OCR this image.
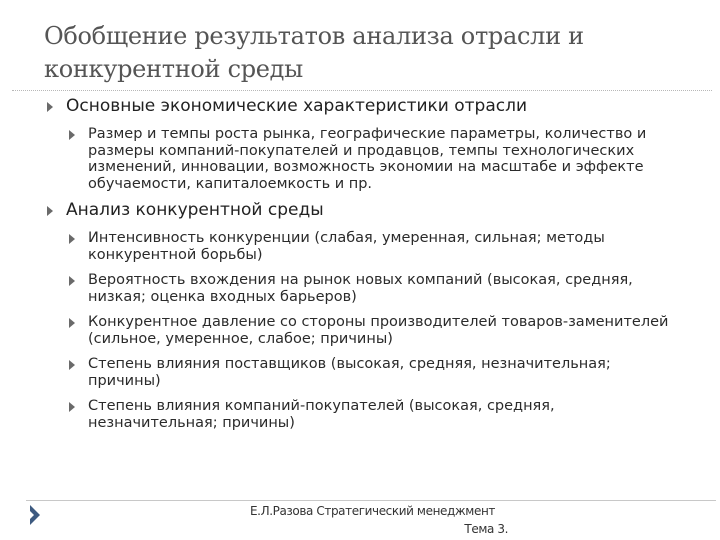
Обобщение результатов анализа отрасли и конкурентной среды
Основные экономические характеристики отрасли
Размер и темпы роста рынка, географические параметры, количество и размеры компаний-покупателей и продавцов, темпы технологических изменений, инновации, возможность экономии на масштабе и эффекте обучаемости, капиталоемкость и пр.
Анализ конкурентной среды
Интенсивность конкуренции (слабая, умеренная, сильная; методы конкурентной борьбы)
Вероятность вхождения на рынок новых компаний (высокая, средняя, низкая; оценка входных барьеров)
Конкурентное давление со стороны производителей товаров-заменителей (сильное, умеренное, слабое; причины)
Степень влияния поставщиков (высокая, средняя, незначительная; причины)
Степень влияния компаний-покупателей (высокая, средняя, незначительная; причины)
Е.Л.Разова Стратегический менеджмент
Тема 3.
